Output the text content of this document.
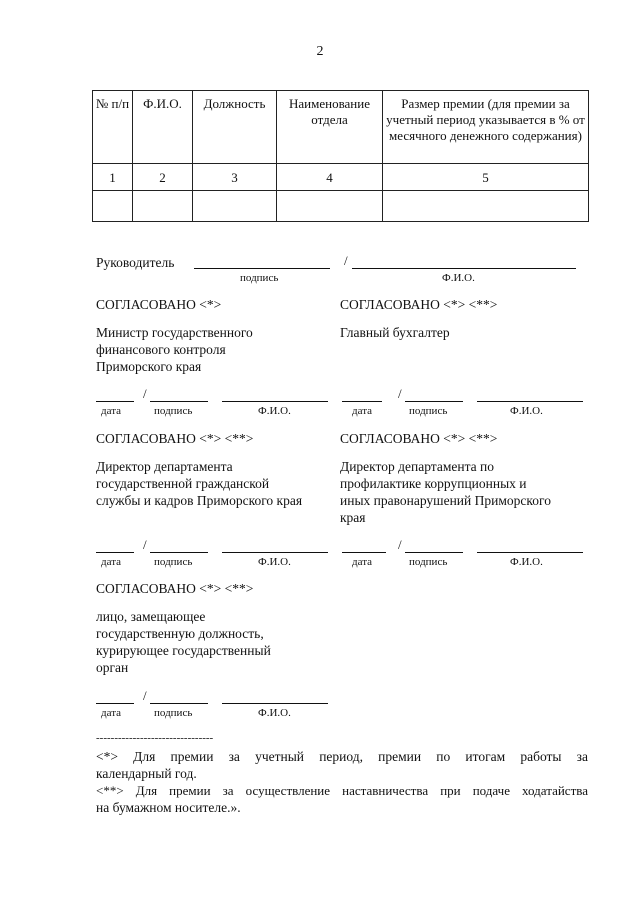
2
№ п/п	Ф.И.О.	Должность	Наименование отдела	Размер премии (для премии за учетный период указывается в % от месячного денежного содержания)
1	2	3	4	5

Руководитель
подпись
/
Ф.И.О.
СОГЛАСОВАНО <*>
Министр государственного
финансового контроля
Приморского края
СОГЛАСОВАНО <*> <**>
Главный бухгалтер
/
дата	подпись	Ф.И.О.
/
дата	подпись	Ф.И.О.
СОГЛАСОВАНО <*> <**>
Директор департамента
государственной гражданской
службы и кадров Приморского края
СОГЛАСОВАНО <*> <**>
Директор департамента по
профилактике коррупционных и
иных правонарушений Приморского
края
/
дата	подпись	Ф.И.О.
/
дата	подпись	Ф.И.О.
СОГЛАСОВАНО <*> <**>
лицо, замещающее
государственную должность,
курирующее государственный
орган
/
дата	подпись	Ф.И.О.
--------------------------------
<*> Для премии за учетный период, премии по итогам работы за
календарный год.
<**> Для премии за осуществление наставничества при подаче ходатайства
на бумажном носителе.».
